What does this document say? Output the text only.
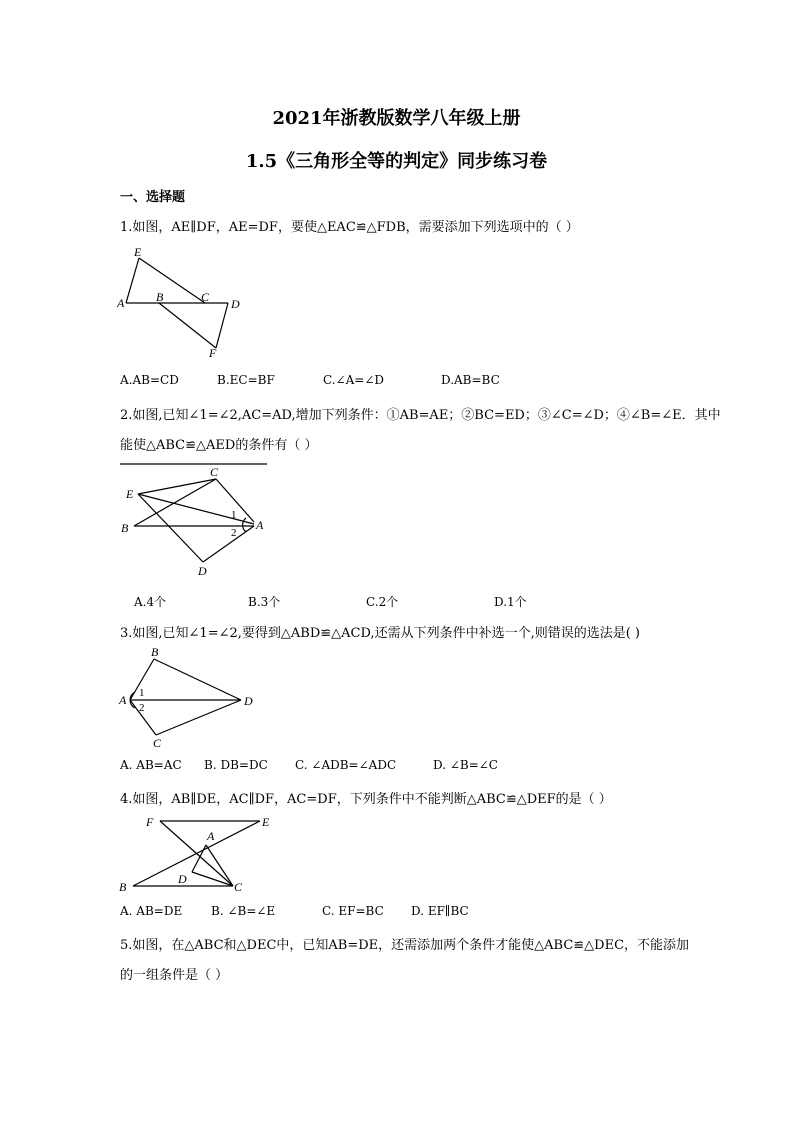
2021年浙教版数学八年级上册
1.5《三角形全等的判定》同步练习卷
一、选择题
1.如图，AE∥DF，AE=DF，要使△EAC≌△FDB，需要添加下列选项中的（ ）
E
A	B	C D
F
A.AB=CD	B.EC=BF	C.∠A=∠D	D.AB=BC
2.如图,已知∠1=∠2,AC=AD,增加下列条件：①AB=AE；②BC=ED；③∠C=∠D；④∠B=∠E．其中
能使△ABC≌△AED的条件有（ ）
C
E
B	A
D
1
2
A.4个	B.3个	C.2个	D.1个
3.如图,已知∠1=∠2,要得到△ABD≌△ACD,还需从下列条件中补选一个,则错误的选法是( )
B
A	D
C
1
2
A. AB=AC B. DB=DC C. ∠ADB=∠ADC	D. ∠B=∠C
4.如图，AB∥DE，AC∥DF，AC=DF，下列条件中不能判断△ABC≌△DEF的是（ ）
F	E
A
D
B	C
A. AB=DE B. ∠B=∠E	C. EF=BC D. EF∥BC
5.如图，在△ABC和△DEC中，已知AB=DE，还需添加两个条件才能使△ABC≌△DEC，不能添加
的一组条件是（ ）
